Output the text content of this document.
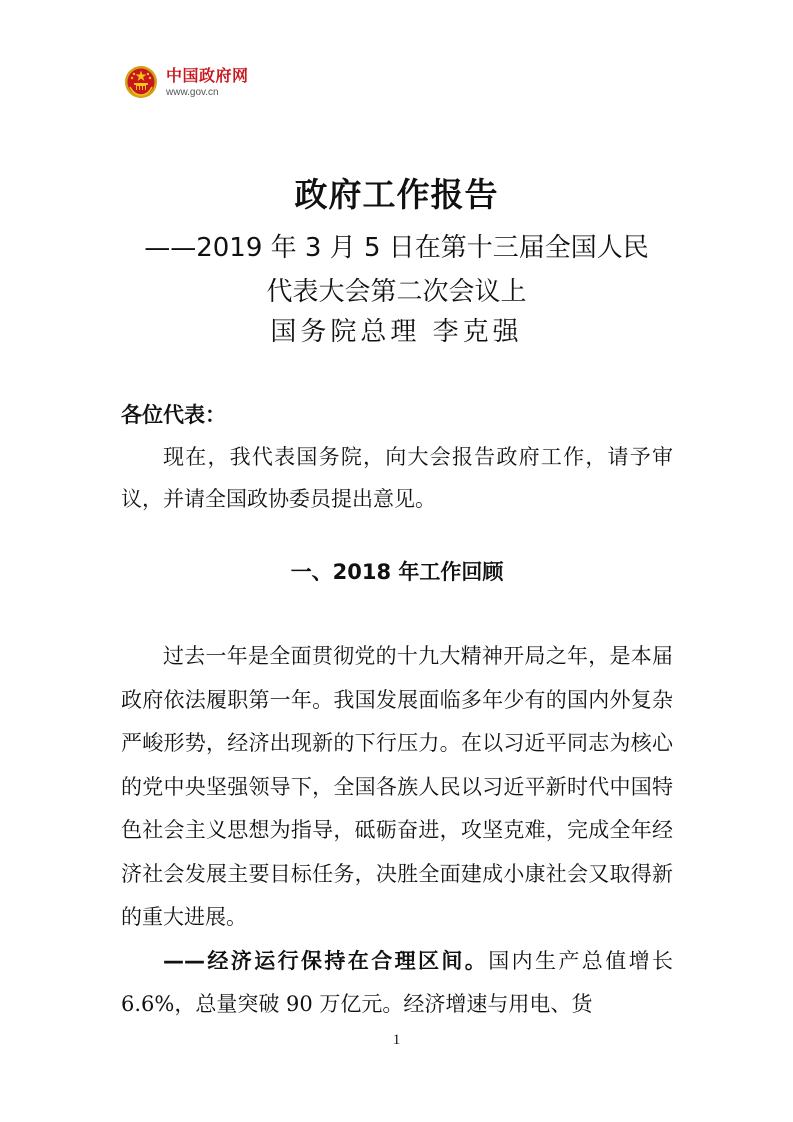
中国政府网
www.gov.cn
政府工作报告
——2019 年 3 月 5 日在第十三届全国人民
代表大会第二次会议上
国务院总理 李克强

各位代表：

现在，我代表国务院，向大会报告政府工作，请予审议，并请全国政协委员提出意见。

一、2018 年工作回顾

过去一年是全面贯彻党的十九大精神开局之年，是本届政府依法履职第一年。我国发展面临多年少有的国内外复杂严峻形势，经济出现新的下行压力。在以习近平同志为核心的党中央坚强领导下，全国各族人民以习近平新时代中国特色社会主义思想为指导，砥砺奋进，攻坚克难，完成全年经济社会发展主要目标任务，决胜全面建成小康社会又取得新的重大进展。

——经济运行保持在合理区间。国内生产总值增长 6.6%，总量突破 90 万亿元。经济增速与用电、货

1
